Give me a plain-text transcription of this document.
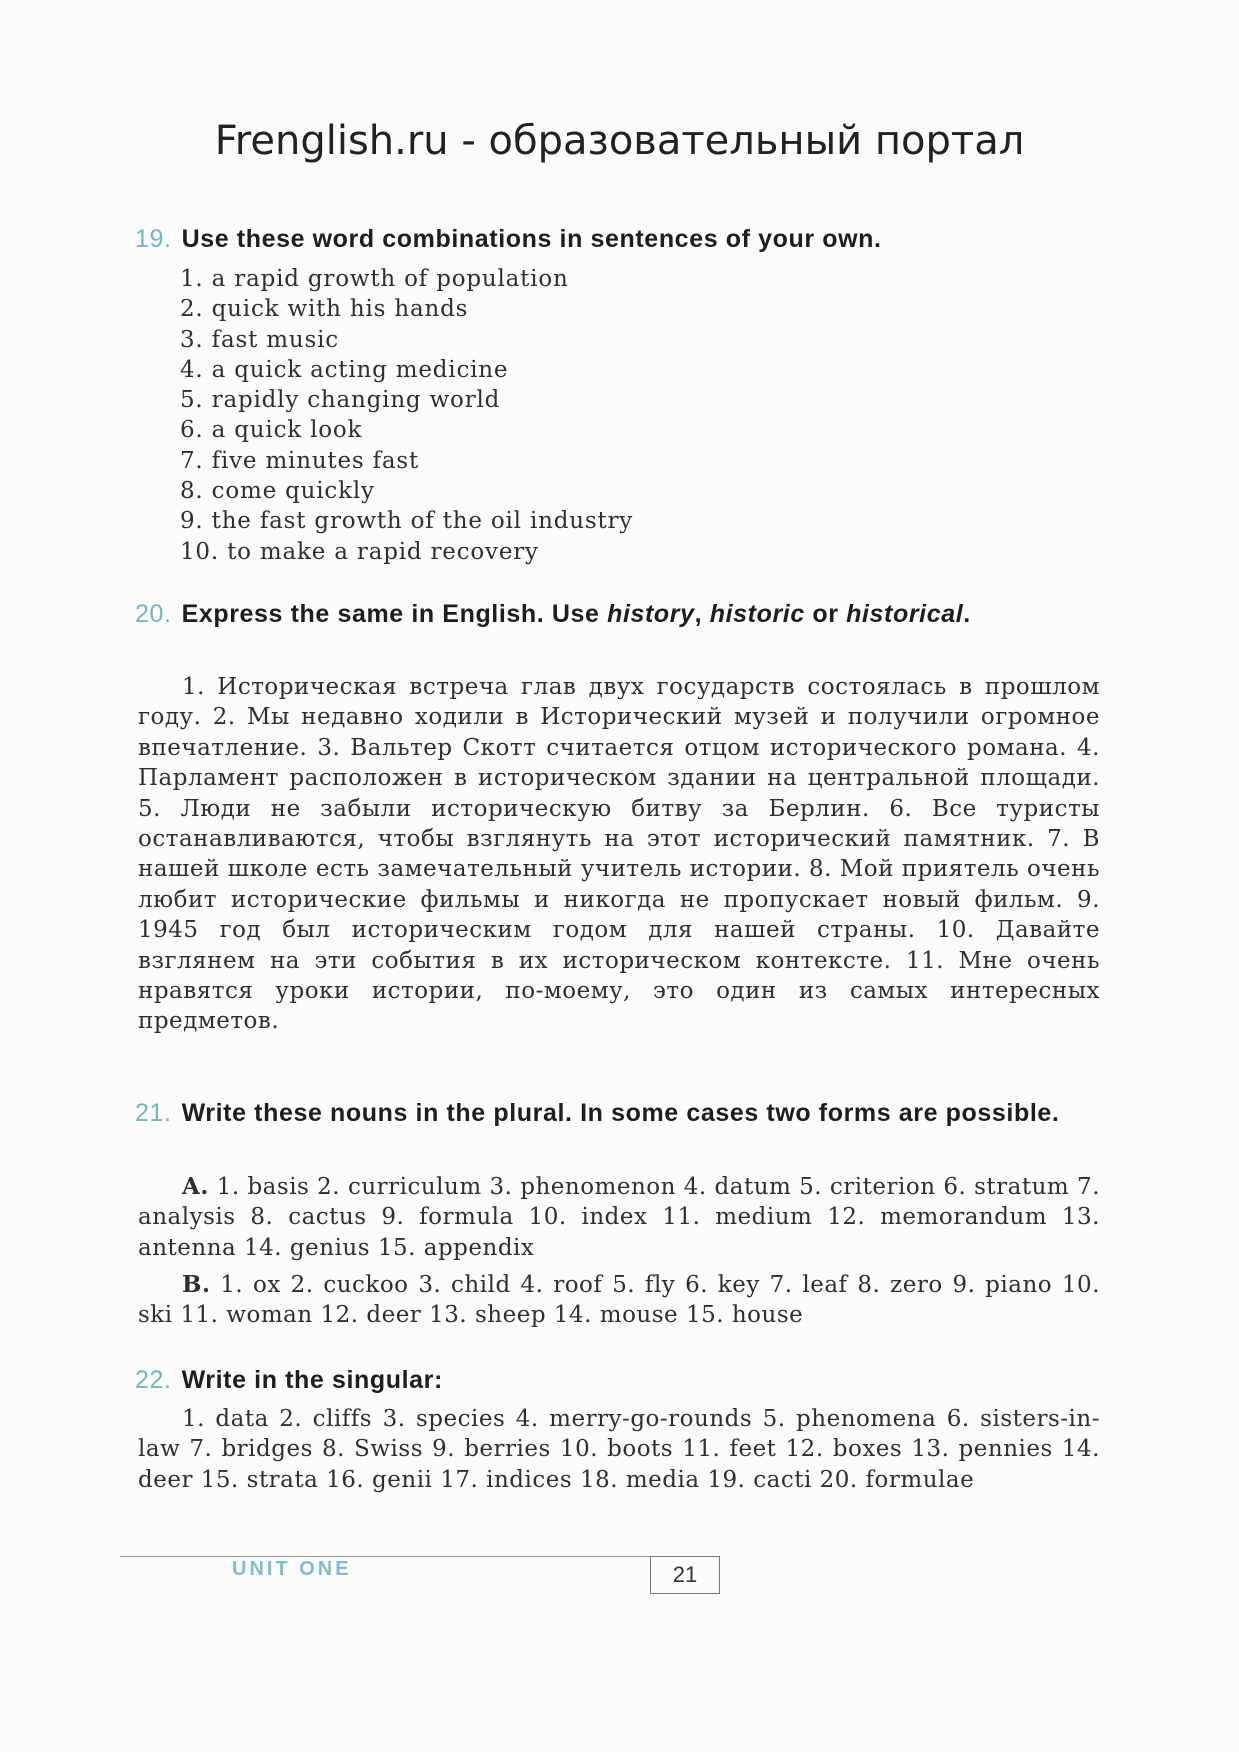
Frenglish.ru - образовательный портал
19. Use these word combinations in sentences of your own.
1. a rapid growth of population
2. quick with his hands
3. fast music
4. a quick acting medicine
5. rapidly changing world
6. a quick look
7. five minutes fast
8. come quickly
9. the fast growth of the oil industry
10. to make a rapid recovery
20. Express the same in English. Use history, historic or historical.

1. Историческая встреча глав двух государств состоялась в прошлом году. 2. Мы недавно ходили в Исторический музей и получили огромное впечатление. 3. Вальтер Скотт считается отцом исторического романа. 4. Парламент расположен в историческом здании на центральной площади. 5. Люди не забыли историческую битву за Берлин. 6. Все туристы останавливаются, чтобы взглянуть на этот исторический памятник. 7. В нашей школе есть замечательный учитель истории. 8. Мой приятель очень любит исторические фильмы и никогда не пропускает новый фильм. 9. 1945 год был историческим годом для нашей страны. 10. Давайте взглянем на эти события в их историческом контексте. 11. Мне очень нравятся уроки истории, по-моему, это один из самых интересных предметов.

21. Write these nouns in the plural. In some cases two forms are possible.

A. 1. basis 2. curriculum 3. phenomenon 4. datum 5. criterion 6. stratum 7. analysis 8. cactus 9. formula 10. index 11. medium 12. memorandum 13. antenna 14. genius 15. appendix

B. 1. ox 2. cuckoo 3. child 4. roof 5. fly 6. key 7. leaf 8. zero 9. piano 10. ski 11. woman 12. deer 13. sheep 14. mouse 15. house

22. Write in the singular:

1. data 2. cliffs 3. species 4. merry-go-rounds 5. phenomena 6. sisters-in-law 7. bridges 8. Swiss 9. berries 10. boots 11. feet 12. boxes 13. pennies 14. deer 15. strata 16. genii 17. indices 18. media 19. cacti 20. formulae

UNIT ONE	21
